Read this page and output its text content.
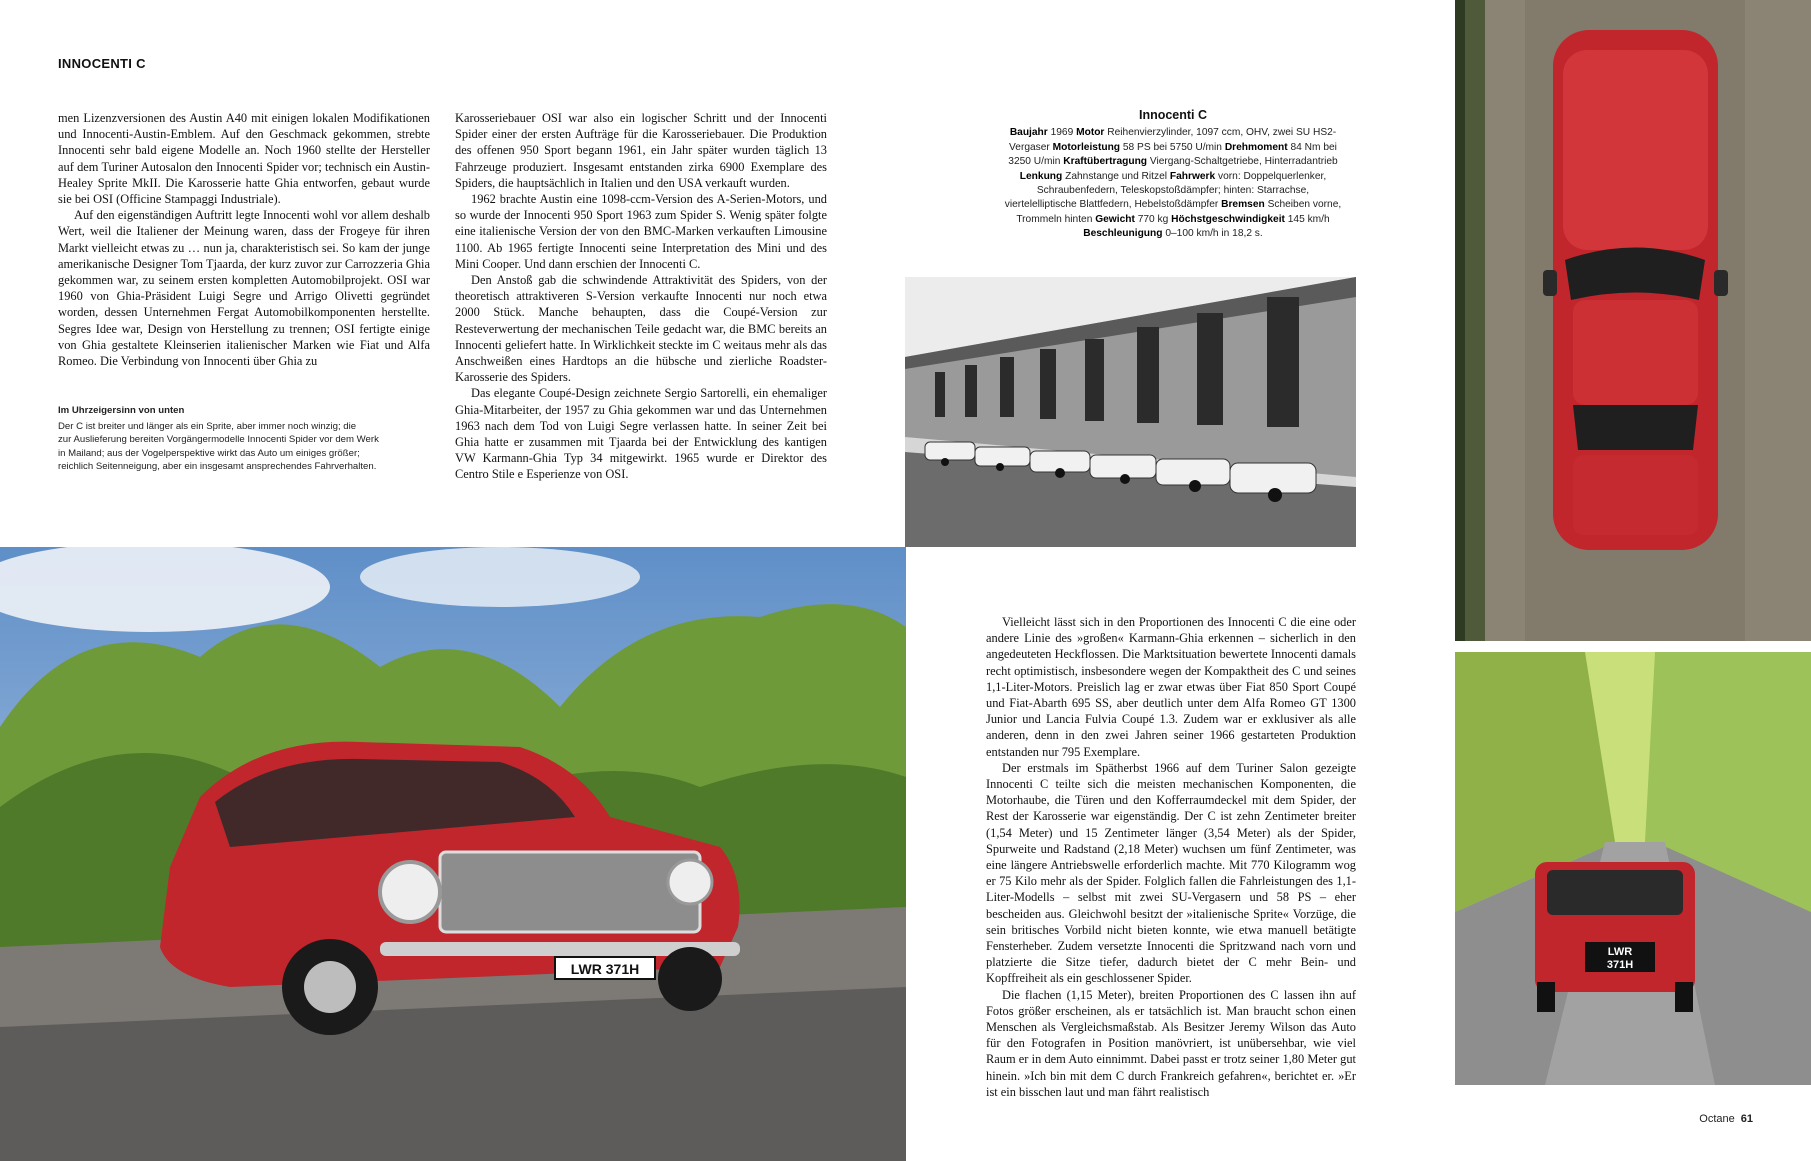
INNOCENTI C

men Lizenzversionen des Austin A40 mit einigen lokalen Modifikationen und Innocenti-Austin-Emblem. Auf den Geschmack gekommen, strebte Innocenti sehr bald eigene Modelle an. Noch 1960 stellte der Hersteller auf dem Turiner Autosalon den Innocenti Spider vor; technisch ein Austin-Healey Sprite MkII. Die Karosserie hatte Ghia entworfen, gebaut wurde sie bei OSI (Officine Stampaggi Industriale).

Auf den eigenständigen Auftritt legte Innocenti wohl vor allem deshalb Wert, weil die Italiener der Meinung waren, dass der Frogeye für ihren Markt vielleicht etwas zu … nun ja, charakteristisch sei. So kam der junge amerikanische Designer Tom Tjaarda, der kurz zuvor zur Carrozzeria Ghia gekommen war, zu seinem ersten kompletten Automobilprojekt. OSI war 1960 von Ghia-Präsident Luigi Segre und Arrigo Olivetti gegründet worden, dessen Unternehmen Fergat Automobilkomponenten herstellte. Segres Idee war, Design von Herstellung zu trennen; OSI fertigte einige von Ghia gestaltete Kleinserien italienischer Marken wie Fiat und Alfa Romeo. Die Verbindung von Innocenti über Ghia zu

Im Uhrzeigersinn von unten
Der C ist breiter und länger als ein Sprite, aber immer noch winzig; die
zur Auslieferung bereiten Vorgängermodelle Innocenti Spider vor dem Werk
in Mailand; aus der Vogelperspektive wirkt das Auto um einiges größer;
reichlich Seitenneigung, aber ein insgesamt ansprechendes Fahrverhalten.

Karosseriebauer OSI war also ein logischer Schritt und der Innocenti Spider einer der ersten Aufträge für die Karosseriebauer. Die Produktion des offenen 950 Sport begann 1961, ein Jahr später wurden täglich 13 Fahrzeuge produziert. Insgesamt entstanden zirka 6900 Exemplare des Spiders, die hauptsächlich in Italien und den USA verkauft wurden.

1962 brachte Austin eine 1098-ccm-Version des A-Serien-Motors, und so wurde der Innocenti 950 Sport 1963 zum Spider S. Wenig später folgte eine italienische Version der von den BMC-Marken verkauften Limousine 1100. Ab 1965 fertigte Innocenti seine Interpretation des Mini und des Mini Cooper. Und dann erschien der Innocenti C.

Den Anstoß gab die schwindende Attraktivität des Spiders, von der theoretisch attraktiveren S-Version verkaufte Innocenti nur noch etwa 2000 Stück. Manche behaupten, dass die Coupé-Version zur Resteverwertung der mechanischen Teile gedacht war, die BMC bereits an Innocenti geliefert hatte. In Wirklichkeit steckte im C weitaus mehr als das Anschweißen eines Hardtops an die hübsche und zierliche Roadster-Karosserie des Spiders.

Das elegante Coupé-Design zeichnete Sergio Sartorelli, ein ehemaliger Ghia-Mitarbeiter, der 1957 zu Ghia gekommen war und das Unternehmen 1963 nach dem Tod von Luigi Segre verlassen hatte. In seiner Zeit bei Ghia hatte er zusammen mit Tjaarda bei der Entwicklung des kantigen VW Karmann-Ghia Typ 34 mitgewirkt. 1965 wurde er Direktor des Centro Stile e Esperienze von OSI.

Innocenti C
Baujahr 1969 Motor Reihenvierzylinder, 1097 ccm, OHV, zwei SU HS2-Vergaser Motorleistung 58 PS bei 5750 U/min Drehmoment 84 Nm bei 3250 U/min Kraftübertragung Viergang-Schaltgetriebe, Hinterradantrieb Lenkung Zahnstange und Ritzel Fahrwerk vorn: Doppelquerlenker, Schraubenfedern, Teleskopstoßdämpfer; hinten: Starrachse, viertelelliptische Blattfedern, Hebelstoßdämpfer Bremsen Scheiben vorne, Trommeln hinten Gewicht 770 kg Höchstgeschwindigkeit 145 km/h Beschleunigung 0–100 km/h in 18,2 s.
LWR 371H
LWR
371H

Vielleicht lässt sich in den Proportionen des Innocenti C die eine oder andere Linie des »großen« Karmann-Ghia erkennen – sicherlich in den angedeuteten Heckflossen. Die Marktsituation bewertete Innocenti damals recht optimistisch, insbesondere wegen der Kompaktheit des C und seines 1,1-Liter-Motors. Preislich lag er zwar etwas über Fiat 850 Sport Coupé und Fiat-Abarth 695 SS, aber deutlich unter dem Alfa Romeo GT 1300 Junior und Lancia Fulvia Coupé 1.3. Zudem war er exklusiver als alle anderen, denn in den zwei Jahren seiner 1966 gestarteten Produktion entstanden nur 795 Exemplare.

Der erstmals im Spätherbst 1966 auf dem Turiner Salon gezeigte Innocenti C teilte sich die meisten mechanischen Komponenten, die Motorhaube, die Türen und den Kofferraumdeckel mit dem Spider, der Rest der Karosserie war eigenständig. Der C ist zehn Zentimeter breiter (1,54 Meter) und 15 Zentimeter länger (3,54 Meter) als der Spider, Spurweite und Radstand (2,18 Meter) wuchsen um fünf Zentimeter, was eine längere Antriebswelle erforderlich machte. Mit 770 Kilogramm wog er 75 Kilo mehr als der Spider. Folglich fallen die Fahrleistungen des 1,1-Liter-Modells – selbst mit zwei SU-Vergasern und 58 PS – eher bescheiden aus. Gleichwohl besitzt der »italienische Sprite« Vorzüge, die sein britisches Vorbild nicht bieten konnte, wie etwa manuell betätigte Fensterheber. Zudem versetzte Innocenti die Spritzwand nach vorn und platzierte die Sitze tiefer, dadurch bietet der C mehr Bein- und Kopffreiheit als ein geschlossener Spider.

Die flachen (1,15 Meter), breiten Proportionen des C lassen ihn auf Fotos größer erscheinen, als er tatsächlich ist. Man braucht schon einen Menschen als Vergleichsmaßstab. Als Besitzer Jeremy Wilson das Auto für den Fotografen in Position manövriert, ist unübersehbar, wie viel Raum er in dem Auto einnimmt. Dabei passt er trotz seiner 1,80 Meter gut hinein. »Ich bin mit dem C durch Frankreich gefahren«, berichtet er. »Er ist ein bisschen laut und man fährt realistisch

Octane 61
